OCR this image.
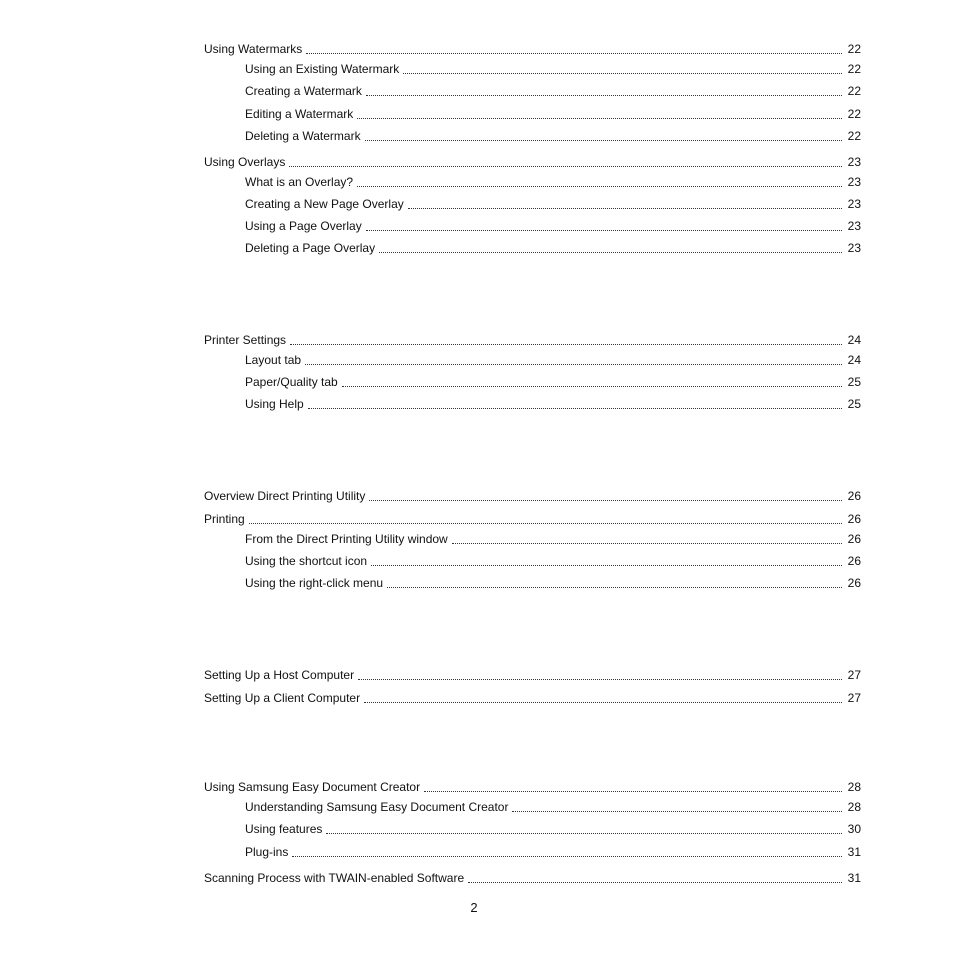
Using Watermarks	22
Using an Existing Watermark	22
Creating a Watermark	22
Editing a Watermark	22
Deleting a Watermark	22
Using Overlays	23
What is an Overlay?	23
Creating a New Page Overlay	23
Using a Page Overlay	23
Deleting a Page Overlay	23
Printer Settings	24
Layout tab	24
Paper/Quality tab	25
Using Help	25
Overview Direct Printing Utility	26
Printing	26
From the Direct Printing Utility window	26
Using the shortcut icon	26
Using the right-click menu	26
Setting Up a Host Computer	27
Setting Up a Client Computer	27
Using Samsung Easy Document Creator	28
Understanding Samsung Easy Document Creator	28
Using features	30
Plug-ins	31
Scanning Process with TWAIN-enabled Software	31
2
